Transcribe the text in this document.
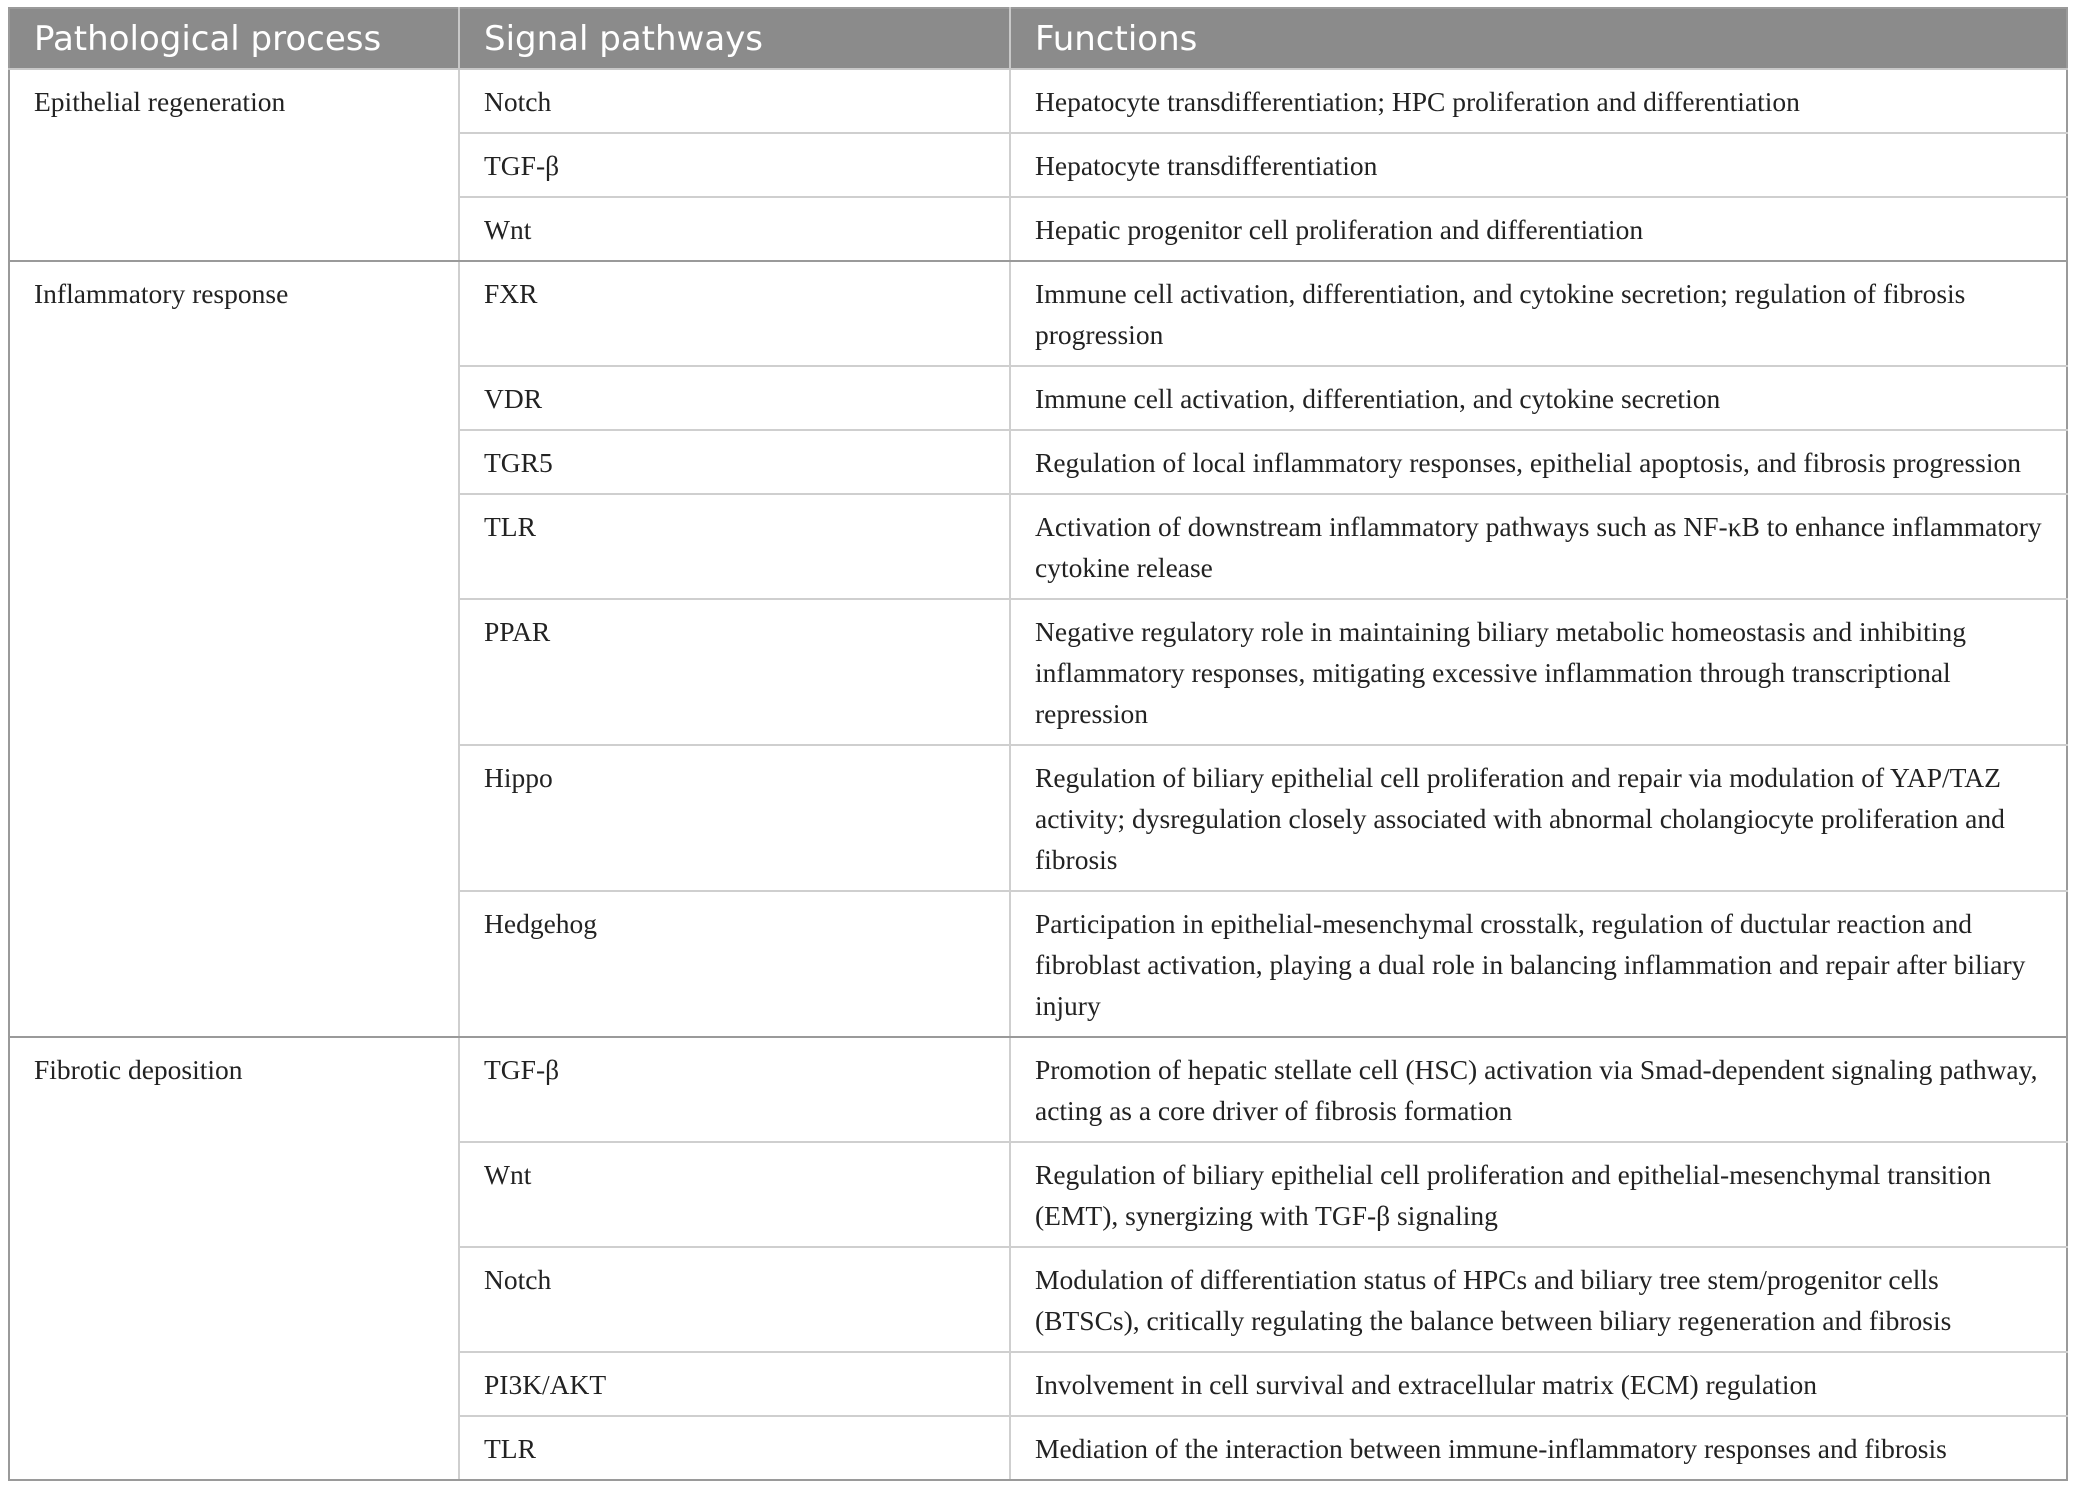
Pathological process	Signal pathways	Functions
Epithelial regeneration	Notch	Hepatocyte transdifferentiation; HPC proliferation and differentiation
	TGF-β	Hepatocyte transdifferentiation
	Wnt	Hepatic progenitor cell proliferation and differentiation
Inflammatory response	FXR	Immune cell activation, differentiation, and cytokine secretion; regulation of fibrosis progression
	VDR	Immune cell activation, differentiation, and cytokine secretion
	TGR5	Regulation of local inflammatory responses, epithelial apoptosis, and fibrosis progression
	TLR	Activation of downstream inflammatory pathways such as NF-κB to enhance inflammatory cytokine release
	PPAR	Negative regulatory role in maintaining biliary metabolic homeostasis and inhibiting inflammatory responses, mitigating excessive inflammation through transcriptional repression
	Hippo	Regulation of biliary epithelial cell proliferation and repair via modulation of YAP/TAZ activity; dysregulation closely associated with abnormal cholangiocyte proliferation and fibrosis
	Hedgehog	Participation in epithelial-mesenchymal crosstalk, regulation of ductular reaction and fibroblast activation, playing a dual role in balancing inflammation and repair after biliary injury
Fibrotic deposition	TGF-β	Promotion of hepatic stellate cell (HSC) activation via Smad-dependent signaling pathway, acting as a core driver of fibrosis formation
	Wnt	Regulation of biliary epithelial cell proliferation and epithelial-mesenchymal transition (EMT), synergizing with TGF-β signaling
	Notch	Modulation of differentiation status of HPCs and biliary tree stem/progenitor cells (BTSCs), critically regulating the balance between biliary regeneration and fibrosis
	PI3K/AKT	Involvement in cell survival and extracellular matrix (ECM) regulation
	TLR	Mediation of the interaction between immune-inflammatory responses and fibrosis
